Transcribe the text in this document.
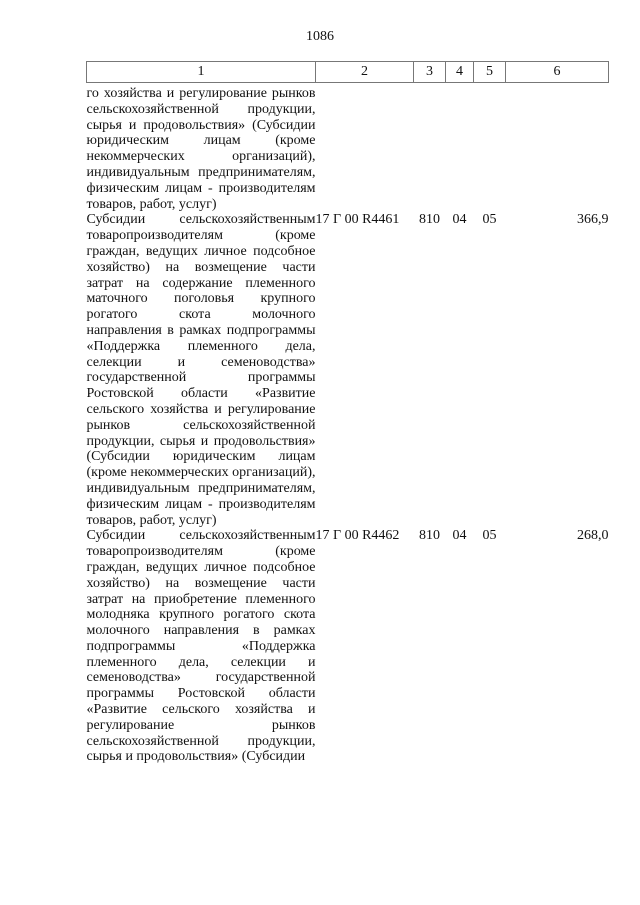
1086
1	2	3	4	5	6
го хозяйства и регулирование рынков сельскохозяйственной продукции, сырья и продовольствия» (Субсидии юридическим лицам (кроме некоммерческих организаций), индивидуальным предпринимателям, физическим лицам - производителям товаров, работ, услуг)					
Субсидии сельскохозяйственным товаропроизводителям (кроме граждан, ведущих личное подсобное хозяйство) на возмещение части затрат на содержание племенного маточного поголовья крупного рогатого скота молочного направления в рамках подпрограммы «Поддержка племенного дела, селекции и семеноводства» государственной программы Ростовской области «Развитие сельского хозяйства и регулирование рынков сельскохозяйственной продукции, сырья и продовольствия» (Субсидии юридическим лицам (кроме некоммерческих организаций), индивидуальным предпринимателям, физическим лицам - производителям товаров, работ, услуг)	17 Г 00 R4461	810	04	05	366,9
Субсидии сельскохозяйственным товаропроизводителям (кроме граждан, ведущих личное подсобное хозяйство) на возмещение части затрат на приобретение племенного молодняка крупного рогатого скота молочного направления в рамках подпрограммы «Поддержка племенного дела, селекции и семеноводства» государственной программы Ростовской области «Развитие сельского хозяйства и регулирование рынков сельскохозяйственной продукции, сырья и продовольствия» (Субсидии	17 Г 00 R4462	810	04	05	268,0
